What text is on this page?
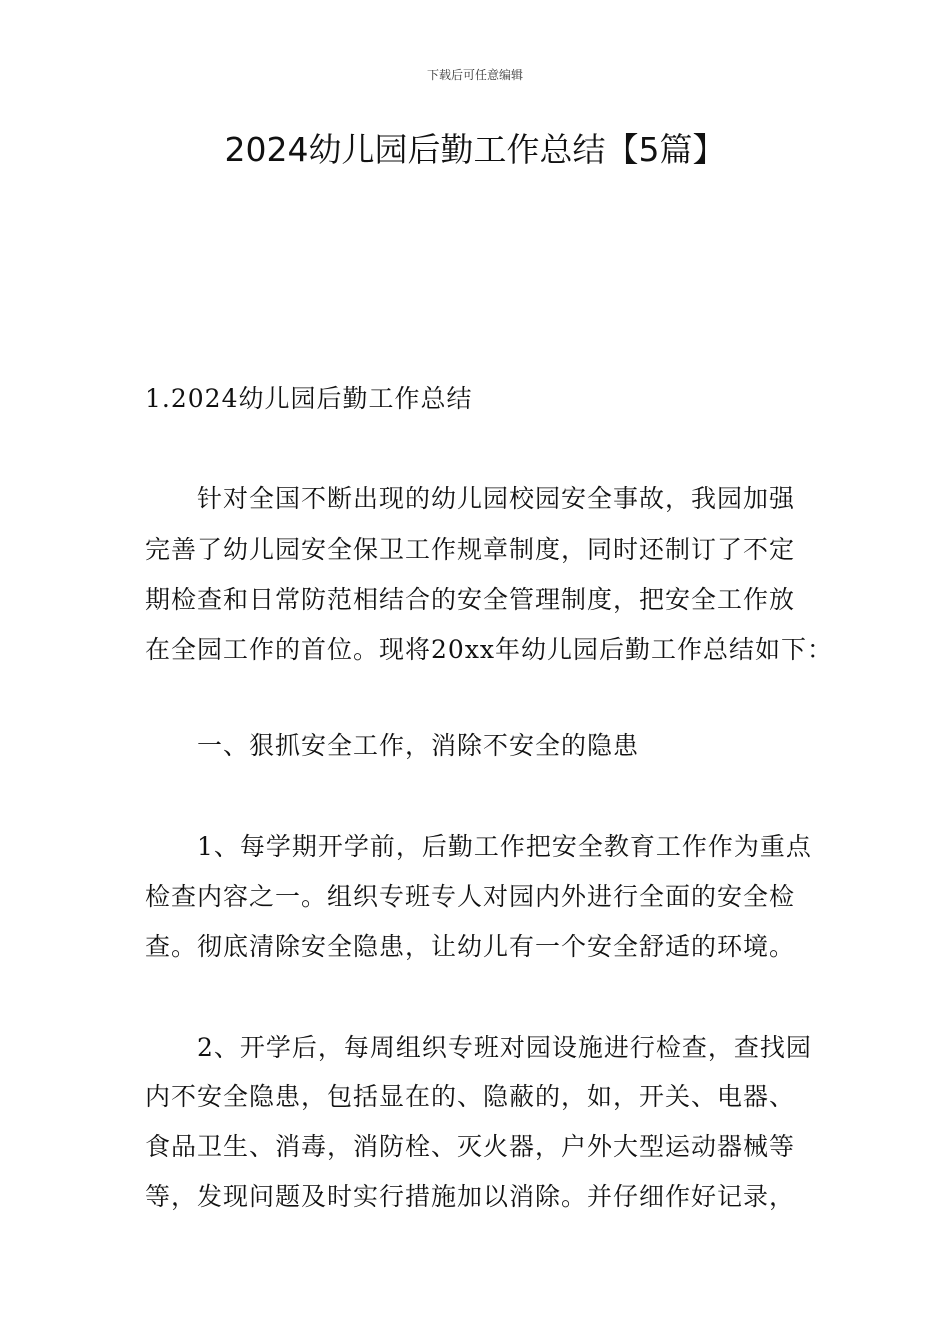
下载后可任意编辑
2024幼儿园后勤工作总结【5篇】
1.2024幼儿园后勤工作总结
　　针对全国不断出现的幼儿园校园安全事故，我园加强
完善了幼儿园安全保卫工作规章制度，同时还制订了不定
期检查和日常防范相结合的安全管理制度，把安全工作放
在全园工作的首位。现将20xx年幼儿园后勤工作总结如下：
　　一、狠抓安全工作，消除不安全的隐患
　　1、每学期开学前，后勤工作把安全教育工作作为重点
检查内容之一。组织专班专人对园内外进行全面的安全检
查。彻底清除安全隐患，让幼儿有一个安全舒适的环境。
　　2、开学后，每周组织专班对园设施进行检查，查找园
内不安全隐患，包括显在的、隐蔽的，如，开关、电器、
食品卫生、消毒，消防栓、灭火器，户外大型运动器械等
等，发现问题及时实行措施加以消除。并仔细作好记录，
